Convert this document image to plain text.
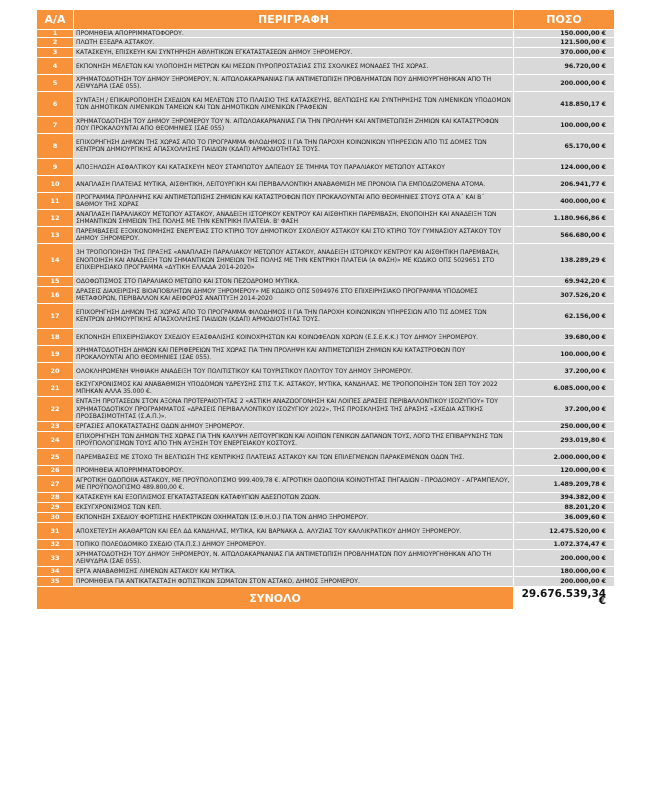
Α/Α	ΠΕΡΙΓΡΑΦΗ	ΠΟΣΟ
1	ΠΡΟΜΗΘΕΙΑ ΑΠΟΡΡΙΜΜΑΤΟΦΟΡΟΥ.	150.000,00 €
2	ΠΛΩΤΗ ΕΞΕΔΡΑ ΑΣΤΑΚΟΥ.	121.500,00 €
3	ΚΑΤΑΣΚΕΥΗ, ΕΠΙΣΚΕΥΗ ΚΑΙ ΣΥΝΤΗΡΗΣΗ ΑΘΛΗΤΙΚΩΝ ΕΓΚΑΤΑΣΤΑΣΕΩΝ ΔΗΜΟΥ ΞΗΡΟΜΕΡΟΥ.	370.000,00 €
4	ΕΚΠΟΝΗΣΗ ΜΕΛΕΤΩΝ ΚΑΙ ΥΛΟΠΟΙΗΣΗ ΜΕΤΡΩΝ ΚΑΙ ΜΕΣΩΝ ΠΥΡΟΠΡΟΣΤΑΣΙΑΣ ΣΤΙΣ ΣΧΟΛΙΚΕΣ ΜΟΝΑΔΕΣ ΤΗΣ ΧΩΡΑΣ.	96.720,00 €
5	ΧΡΗΜΑΤΟΔΟΤΗΣΗ ΤΟΥ ΔΗΜΟΥ ΞΗΡΟΜΕΡΟΥ, Ν. ΑΙΤΩΛΟΑΚΑΡΝΑΝΙΑΣ ΓΙΑ ΑΝΤΙΜΕΤΩΠΙΣΗ ΠΡΟΒΛΗΜΑΤΩΝ ΠΟΥ ΔΗΜΙΟΥΡΓΗΘΗΚΑΝ ΑΠΟ ΤΗ ΛΕΙΨΥΔΡΙΑ (ΣΑΕ 055).	200.000,00 €
6	ΣΥΝΤΑΞΗ / ΕΠΙΚΑΙΡΟΠΟΙΗΣΗ ΣΧΕΔΙΩΝ ΚΑΙ ΜΕΛΕΤΩΝ ΣΤΟ ΠΛΑΙΣΙΟ ΤΗΣ ΚΑΤΑΣΚΕΥΗΣ, ΒΕΛΤΙΩΣΗΣ ΚΑΙ ΣΥΝΤΗΡΗΣΗΣ ΤΩΝ ΛΙΜΕΝΙΚΩΝ ΥΠΟΔΟΜΩΝ ΤΩΝ ΔΗΜΟΤΙΚΩΝ ΛΙΜΕΝΙΚΩΝ ΤΑΜΕΙΩΝ ΚΑΙ ΤΩΝ ΔΗΜΟΤΙΚΩΝ ΛΙΜΕΝΙΚΩΝ ΓΡΑΦΕΙΩΝ	418.850,17 €
7	ΧΡΗΜΑΤΟΔΟΤΗΣΗ ΤΟΥ ΔΗΜΟΥ ΞΗΡΟΜΕΡΟΥ ΤΟΥ Ν. ΑΙΤΩΛΟΑΚΑΡΝΑΝΙΑΣ ΓΙΑ ΤΗΝ ΠΡΟΛΗΨΗ ΚΑΙ ΑΝΤΙΜΕΤΩΠΙΣΗ ΖΗΜΙΩΝ ΚΑΙ ΚΑΤΑΣΤΡΟΦΩΝ ΠΟΥ ΠΡΟΚΑΛΟΥΝΤΑΙ ΑΠΟ ΘΕΟΜΗΝΙΕΣ (ΣΑΕ 055)	100.000,00 €
8	ΕΠΙΧΟΡΗΓΗΣΗ ΔΗΜΩΝ ΤΗΣ ΧΩΡΑΣ ΑΠΟ ΤΟ ΠΡΟΓΡΑΜΜΑ ΦΙΛΟΔΗΜΟΣ ΙΙ ΓΙΑ ΤΗΝ ΠΑΡΟΧΗ ΚΟΙΝΩΝΙΚΩΝ ΥΠΗΡΕΣΙΩΝ ΑΠΟ ΤΙΣ ΔΟΜΕΣ ΤΩΝ ΚΕΝΤΡΩΝ ΔΗΜΙΟΥΡΓΙΚΗΣ ΑΠΑΣΧΟΛΗΣΗΣ ΠΑΙΔΙΩΝ (ΚΔΑΠ) ΑΡΜΟΔΙΟΤΗΤΑΣ ΤΟΥΣ.	65.170,00 €
9	ΑΠΟΞΗΛΩΣΗ ΑΣΦΑΛΤΙΚΟΥ ΚΑΙ ΚΑΤΑΣΚΕΥΗ ΝΕΟΥ ΣΤΑΜΠΩΤΟΥ ΔΑΠΕΔΟΥ ΣΕ ΤΜΗΜΑ ΤΟΥ ΠΑΡΑΛΙΑΚΟΥ ΜΕΤΩΠΟΥ ΑΣΤΑΚΟΥ	124.000,00 €
10	ΑΝΑΠΛΑΣΗ ΠΛΑΤΕΙΑΣ ΜΥΤΙΚΑ, ΑΙΣΘΗΤΙΚΗ, ΛΕΙΤΟΥΡΓΙΚΗ ΚΑΙ ΠΕΡΙΒΑΛΛΟΝΤΙΚΗ ΑΝΑΒΑΘΜΙΣΗ ΜΕ ΠΡΟΝΟΙΑ ΓΙΑ ΕΜΠΟΔΙΖΟΜΕΝΑ ΑΤΟΜΑ.	206.941,77 €
11	ΠΡΟΓΡΑΜΜΑ ΠΡΟΛΗΨΗΣ ΚΑΙ ΑΝΤΙΜΕΤΩΠΙΣΗΣ ΖΗΜΙΩΝ ΚΑΙ ΚΑΤΑΣΤΡΟΦΩΝ ΠΟΥ ΠΡΟΚΑΛΟΥΝΤΑΙ ΑΠΟ ΘΕΟΜΗΝΙΕΣ ΣΤΟΥΣ ΟΤΑ Α΄ ΚΑΙ Β΄ ΒΑΘΜΟΥ ΤΗΣ ΧΩΡΑΣ	400.000,00 €
12	ΑΝΑΠΛΑΣΗ ΠΑΡΑΛΙΑΚΟΥ ΜΕΤΩΠΟΥ ΑΣΤΑΚΟΥ, ΑΝΑΔΕΙΞΗ ΙΣΤΟΡΙΚΟΥ ΚΕΝΤΡΟΥ ΚΑΙ ΑΙΣΘΗΤΙΚΗ ΠΑΡΕΜΒΑΣΗ, ΕΝΟΠΟΙΗΣΗ ΚΑΙ ΑΝΑΔΕΙΞΗ ΤΩΝ ΣΗΜΑΝΤΙΚΩΝ ΣΗΜΕΙΩΝ ΤΗΣ ΠΟΛΗΣ ΜΕ ΤΗΝ ΚΕΝΤΡΙΚΗ ΠΛΑΤΕΙΑ. Β' ΦΑΣΗ	1.180.966,86 €
13	ΠΑΡΕΜΒΑΣΕΙΣ ΕΞΟΙΚΟΝΟΜΗΣΗΣ ΕΝΕΡΓΕΙΑΣ ΣΤΟ ΚΤΙΡΙΟ ΤΟΥ ΔΗΜΟΤΙΚΟΥ ΣΧΟΛΕΙΟΥ ΑΣΤΑΚΟΥ ΚΑΙ ΣΤΟ ΚΤΙΡΙΟ ΤΟΥ ΓΥΜΝΑΣΙΟΥ ΑΣΤΑΚΟΥ ΤΟΥ ΔΗΜΟΥ ΞΗΡΟΜΕΡΟΥ.	566.680,00 €
14	3Η ΤΡΟΠΟΠΟΙΗΣΗ ΤΗΣ ΠΡΑΞΗΣ «ΑΝΑΠΛΑΣΗ ΠΑΡΑΛΙΑΚΟΥ ΜΕΤΩΠΟΥ ΑΣΤΑΚΟΥ, ΑΝΑΔΕΙΞΗ ΙΣΤΟΡΙΚΟΥ ΚΕΝΤΡΟΥ ΚΑΙ ΑΙΣΘΗΤΙΚΗ ΠΑΡΕΜΒΑΣΗ, ΕΝΟΠΟΙΗΣΗ ΚΑΙ ΑΝΑΔΕΙΞΗ ΤΩΝ ΣΗΜΑΝΤΙΚΩΝ ΣΗΜΕΙΩΝ ΤΗΣ ΠΟΛΗΣ ΜΕ ΤΗΝ ΚΕΝΤΡΙΚΗ ΠΛΑΤΕΙΑ (Α ΦΑΣΗ)» ΜΕ ΚΩΔΙΚΟ ΟΠΣ 5029651 ΣΤΟ ΕΠΙΧΕΙΡΗΣΙΑΚΟ ΠΡΟΓΡΑΜΜΑ «ΔΥΤΙΚΗ ΕΛΛΑΔΑ 2014-2020»	138.289,29 €
15	ΟΔΟΦΩΤΙΣΜΟΣ ΣΤΟ ΠΑΡΑΛΙΑΚΟ ΜΕΤΩΠΟ ΚΑΙ ΣΤΟΝ ΠΕΖΟΔΡΟΜΟ ΜΥΤΙΚΑ.	69.942,20 €
16	ΔΡΑΣΕΙΣ ΔΙΑΧΕΙΡΙΣΗΣ ΒΙΟΑΠΟΒΛΗΤΩΝ ΔΗΜΟΥ ΞΗΡΟΜΕΡΟΥ» ΜΕ ΚΩΔΙΚΟ ΟΠΣ 5094976 ΣΤΟ ΕΠΙΧΕΙΡΗΣΙΑΚΟ ΠΡΟΓΡΑΜΜΑ ΥΠΟΔΟΜΕΣ ΜΕΤΑΦΟΡΩΝ, ΠΕΡΙΒΑΛΛΟΝ ΚΑΙ ΑΕΙΦΟΡΟΣ ΑΝΑΠΤΥΞΗ 2014-2020	307.526,20 €
17	ΕΠΙΧΟΡΗΓΗΣΗ ΔΗΜΩΝ ΤΗΣ ΧΩΡΑΣ ΑΠΟ ΤΟ ΠΡΟΓΡΑΜΜΑ ΦΙΛΟΔΗΜΟΣ ΙΙ ΓΙΑ ΤΗΝ ΠΑΡΟΧΗ ΚΟΙΝΩΝΙΚΩΝ ΥΠΗΡΕΣΙΩΝ ΑΠΟ ΤΙΣ ΔΟΜΕΣ ΤΩΝ ΚΕΝΤΡΩΝ ΔΗΜΙΟΥΡΓΙΚΗΣ ΑΠΑΣΧΟΛΗΣΗΣ ΠΑΙΔΙΩΝ (ΚΔΑΠ) ΑΡΜΟΔΙΟΤΗΤΑΣ ΤΟΥΣ.	62.156,00 €
18	ΕΚΠΟΝΗΣΗ ΕΠΙΧΕΙΡΗΣΙΑΚΟΥ ΣΧΕΔΙΟΥ ΕΞΑΣΦΑΛΙΣΗΣ ΚΟΙΝΟΧΡΗΣΤΩΝ ΚΑΙ ΚΟΙΝΩΦΕΛΩΝ ΧΩΡΩΝ (Ε.Σ.Ε.Κ.Κ.) ΤΟΥ ΔΗΜΟΥ ΞΗΡΟΜΕΡΟΥ.	39.680,00 €
19	ΧΡΗΜΑΤΟΔΟΤΗΣΗ ΔΗΜΩΝ ΚΑΙ ΠΕΡΙΦΕΡΕΙΩΝ ΤΗΣ ΧΩΡΑΣ ΓΙΑ ΤΗΝ ΠΡΟΛΗΨΗ ΚΑΙ ΑΝΤΙΜΕΤΩΠΙΣΗ ΖΗΜΙΩΝ ΚΑΙ ΚΑΤΑΣΤΡΟΦΩΝ ΠΟΥ ΠΡΟΚΑΛΟΥΝΤΑΙ ΑΠΟ ΘΕΟΜΗΝΙΕΣ (ΣΑΕ 055).	100.000,00 €
20	ΟΛΟΚΛΗΡΩΜΕΝΗ ΨΗΦΙΑΚΗ ΑΝΑΔΕΙΞΗ ΤΟΥ ΠΟΛΙΤΙΣΤΙΚΟΥ ΚΑΙ ΤΟΥΡΙΣΤΙΚΟΥ ΠΛΟΥΤΟΥ ΤΟΥ ΔΗΜΟΥ ΞΗΡΟΜΕΡΟΥ.	37.200,00 €
21	ΕΚΣΥΓΧΡΟΝΙΣΜΟΣ ΚΑΙ ΑΝΑΒΑΘΜΙΣΗ ΥΠΟΔΟΜΩΝ ΥΔΡΕΥΣΗΣ ΣΤΙΣ Τ.Κ. ΑΣΤΑΚΟΥ, ΜΥΤΙΚΑ, ΚΑΝΔΗΛΑΣ. ΜΕ ΤΡΟΠΟΠΟΙΗΣΗ ΤΟΝ ΣΕΠ ΤΟΥ 2022 ΜΠΗΚΑΝ ΑΛΛΑ 35.000 €.	6.085.000,00 €
22	ΕΝΤΑΞΗ ΠΡΟΤΑΣΕΩΝ ΣΤΟΝ ΑΞΟΝΑ ΠΡΟΤΕΡΑΙΟΤΗΤΑΣ 2 «ΑΣΤΙΚΗ ΑΝΑΖΩΟΓΟΝΗΣΗ ΚΑΙ ΛΟΙΠΕΣ ΔΡΑΣΕΙΣ ΠΕΡΙΒΑΛΛΟΝΤΙΚΟΥ ΙΣΟΖΥΓΙΟΥ» ΤΟΥ ΧΡΗΜΑΤΟΔΟΤΙΚΟΥ ΠΡΟΓΡΑΜΜΑΤΟΣ «ΔΡΑΣΕΙΣ ΠΕΡΙΒΑΛΛΟΝΤΙΚΟΥ ΙΣΟΖΥΓΙΟΥ 2022», ΤΗΣ ΠΡΟΣΚΛΗΣΗΣ ΤΗΣ ΔΡΑΣΗΣ «ΣΧΕΔΙΑ ΑΣΤΙΚΗΣ ΠΡΟΣΒΑΣΙΜΟΤΗΤΑΣ (Σ.Α.Π.)».	37.200,00 €
23	ΕΡΓΑΣΙΕΣ ΑΠΟΚΑΤΑΣΤΑΣΗΣ ΟΔΩΝ ΔΗΜΟΥ ΞΗΡΟΜΕΡΟΥ.	250.000,00 €
24	ΕΠΙΧΟΡΗΓΗΣΗ ΤΩΝ ΔΗΜΩΝ ΤΗΣ ΧΩΡΑΣ ΓΙΑ ΤΗΝ ΚΑΛΥΨΗ ΛΕΙΤΟΥΡΓΙΚΩΝ ΚΑΙ ΛΟΙΠΩΝ ΓΕΝΙΚΩΝ ΔΑΠΑΝΩΝ ΤΟΥΣ, ΛΟΓΩ ΤΗΣ ΕΠΙΒΑΡΥΝΣΗΣ ΤΩΝ ΠΡΟΫΠΟΛΟΓΙΣΜΩΝ ΤΟΥΣ ΑΠΟ ΤΗΝ ΑΥΞΗΣΗ ΤΟΥ ΕΝΕΡΓΕΙΑΚΟΥ ΚΟΣΤΟΥΣ.	293.019,80 €
25	ΠΑΡΕΜΒΑΣΕΙΣ ΜΕ ΣΤΟΧΟ ΤΗ ΒΕΛΤΙΩΣΗ ΤΗΣ ΚΕΝΤΡΙΚΗΣ ΠΛΑΤΕΙΑΣ ΑΣΤΑΚΟΥ ΚΑΙ ΤΩΝ ΕΠΙΛΕΓΜΕΝΩΝ ΠΑΡΑΚΕΙΜΕΝΩΝ ΟΔΩΝ ΤΗΣ.	2.000.000,00 €
26	ΠΡΟΜΗΘΕΙΑ ΑΠΟΡΡΙΜΜΑΤΟΦΟΡΟΥ.	120.000,00 €
27	ΑΓΡΟΤΙΚΗ ΟΔΟΠΟΙΙΑ ΑΣΤΑΚΟΥ, ΜΕ ΠΡΟΫΠΟΛΟΓΙΣΜΟ 999.409,78 €. ΑΓΡΟΤΙΚΗ ΟΔΟΠΟΙΙΑ ΚΟΙΝΟΤΗΤΑΣ ΠΗΓΑΔΙΩΝ - ΠΡΟΔΟΜΟΥ - ΑΓΡΑΜΠΕΛΟΥ, ΜΕ ΠΡΟΫΠΟΛΟΓΙΣΜΟ 489.800,00 €.	1.489.209,78 €
28	ΚΑΤΑΣΚΕΥΗ ΚΑΙ ΕΞΟΠΛΙΣΜΟΣ ΕΓΚΑΤΑΣΤΑΣΕΩΝ ΚΑΤΑΦΥΓΙΩΝ ΑΔΕΣΠΟΤΩΝ ΖΩΩΝ.	394.382,00 €
29	ΕΚΣΥΓΧΡΟΝΙΣΜΟΣ ΤΩΝ ΚΕΠ.	88.201,20 €
30	ΕΚΠΟΝΗΣΗ ΣΧΕΔΙΟΥ ΦΟΡΤΙΣΗΣ ΗΛΕΚΤΡΙΚΩΝ ΟΧΗΜΑΤΩΝ (Σ.Φ.Η.Ο.) ΓΙΑ ΤΟΝ ΔΗΜΟ ΞΗΡΟΜΕΡΟΥ.	36.009,60 €
31	ΑΠΟΧΕΤΕΥΣΗ ΑΚΑΘΑΡΤΩΝ ΚΑΙ ΕΕΛ ΔΔ ΚΑΝΔΗΛΑΣ, ΜΥΤΙΚΑ, ΚΑΙ ΒΑΡΝΑΚΑ Δ. ΑΛΥΖΙΑΣ ΤΟΥ ΚΑΛΛΙΚΡΑΤΙΚΟΥ ΔΗΜΟΥ ΞΗΡΟΜΕΡΟΥ.	12.475.520,00 €
32	ΤΟΠΙΚΟ ΠΟΛΕΟΔΟΜΙΚΟ ΣΧΕΔΙΟ (ΤΑ.Π.Σ.) ΔΗΜΟΥ ΞΗΡΟΜΕΡΟΥ.	1.072.374,47 €
33	ΧΡΗΜΑΤΟΔΟΤΗΣΗ ΤΟΥ ΔΗΜΟΥ ΞΗΡΟΜΕΡΟΥ, Ν. ΑΙΤΩΛΟΑΚΑΡΝΑΝΙΑΣ ΓΙΑ ΑΝΤΙΜΕΤΩΠΙΣΗ ΠΡΟΒΛΗΜΑΤΩΝ ΠΟΥ ΔΗΜΙΟΥΡΓΗΘΗΚΑΝ ΑΠΟ ΤΗ ΛΕΙΨΥΔΡΙΑ (ΣΑΕ 055).	200.000,00 €
34	ΕΡΓΑ ΑΝΑΒΑΘΜΙΣΗΣ ΛΙΜΕΝΩΝ ΑΣΤΑΚΟΥ ΚΑΙ ΜΥΤΙΚΑ.	180.000,00 €
35	ΠΡΟΜΗΘΕΙΑ ΓΙΑ ΑΝΤΙΚΑΤΑΣΤΑΣΗ ΦΩΤΙΣΤΙΚΩΝ ΣΩΜΑΤΩΝ ΣΤΟΝ ΑΣΤΑΚΟ, ΔΗΜΟΣ ΞΗΡΟΜΕΡΟΥ.	200.000,00 €
ΣΥΝΟΛΟ		29.676.539,34 €
